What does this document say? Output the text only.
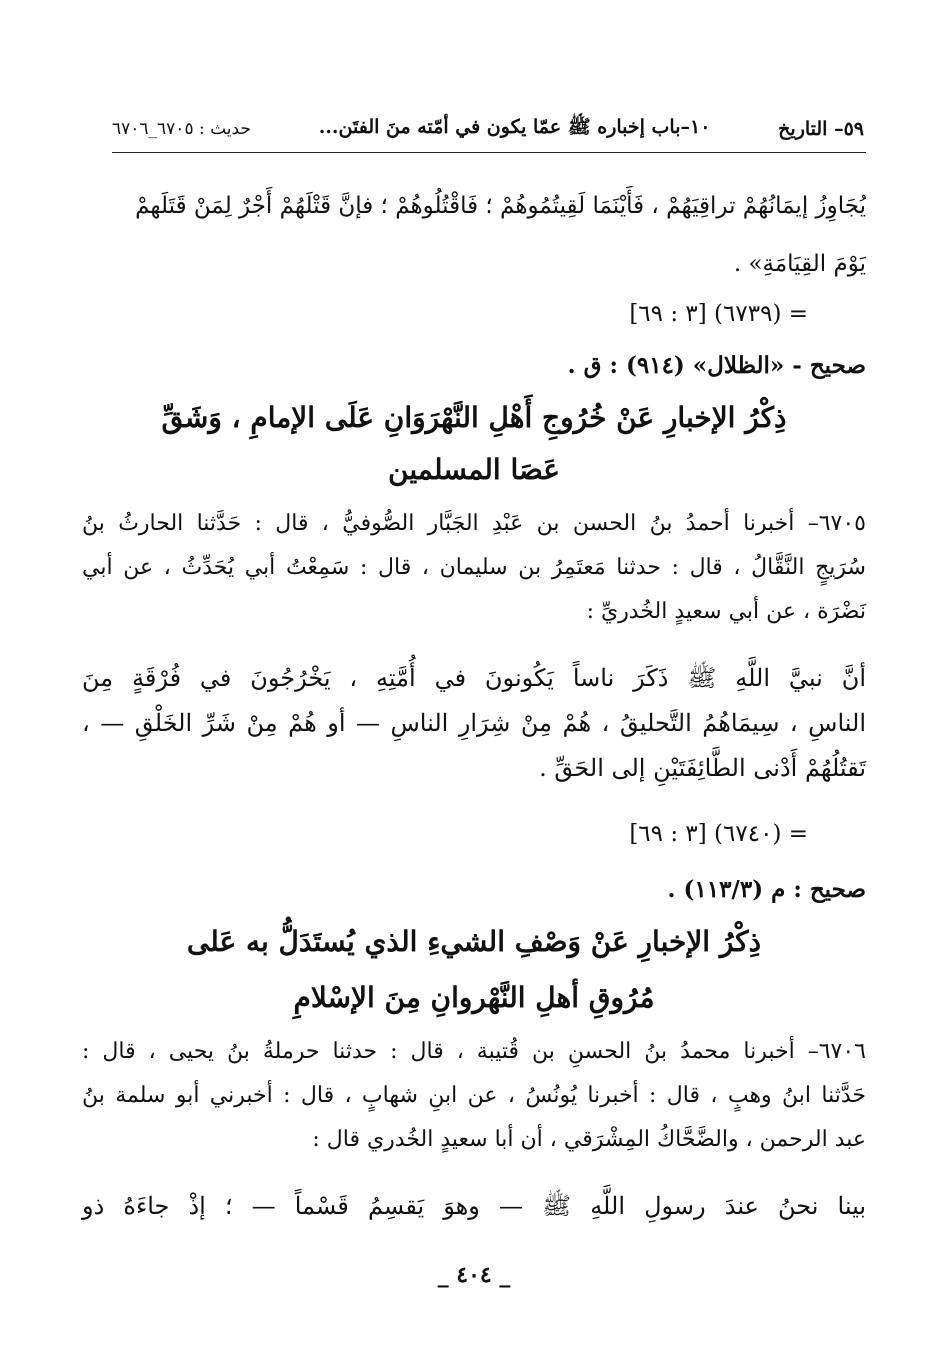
٥٩– التاريخ
١٠–باب إخباره ﷺ عمّا يكون في أمّته منَ الفتَن...
حديث : ٦٧٠٥_٦٧٠٦
يُجَاوِزُ إيمَانُهُمْ تراقِيَهُمْ ، فَأَيْنَمَا لَقِيتُمُوهُمْ ؛ فَاقْتُلُوهُمْ ؛ فإنَّ قَتْلَهُمْ أَجْرٌ لِمَنْ قَتَلَهمْ
يَوْمَ القِيَامَةِ» .
= (٦٧٣٩) [٣ : ٦٩]
صحيح - «الظلال» (٩١٤) : ق .
ذِكْرُ الإخبارِ عَنْ خُرُوجِ أَهْلِ النَّهْرَوَانِ عَلَى الإمامِ ، وَشَقِّ
عَصَا المسلمين

٦٧٠٥– أخبرنا أحمدُ بنُ الحسن بن عَبْدِ الجَبَّار الصُّوفيُّ ، قال : حَدَّثنا الحارثُ بنُ

سُرَيجٍ النَّقَّالُ ، قال : حدثنا مَعتَمِرُ بن سليمان ، قال : سَمِعْتُ أبي يُحَدِّثُ ، عن أبي

نَضْرَة ، عن أبي سعيدٍ الخُدريِّ :

أنَّ نبيَّ اللَّهِ ﷺ ذَكَرَ ناساً يَكُونونَ في أُمَّتِهِ ، يَخْرُجُونَ في فُرْقَةٍ مِنَ

الناسِ ، سِيمَاهُمُ التَّحليقُ ، هُمْ مِنْ شِرَارِ الناسِ — أو هُمْ مِنْ شَرِّ الخَلْقِ — ،

تَقتُلُهُمْ أَدْنى الطَّائِفَتَيْنِ إلى الحَقِّ .

= (٦٧٤٠) [٣ : ٦٩]
صحيح : م (١١٣/٣) .
ذِكْرُ الإخبارِ عَنْ وَصْفِ الشيءِ الذي يُستَدَلُّ به عَلى
مُرُوقِ أهلِ النَّهْروانِ مِنَ الإسْلامِ

٦٧٠٦– أخبرنا محمدُ بنُ الحسنِ بن قُتيبة ، قال : حدثنا حرملةُ بنُ يحيى ، قال :

حَدَّثنا ابنُ وهبٍ ، قال : أخبرنا يُونُسُ ، عن ابنِ شهابٍ ، قال : أخبرني أبو سلمة بنُ

عبد الرحمن ، والضَّحَّاكُ المِشْرَقي ، أن أبا سعيدٍ الخُدري قال :

بينا نحنُ عندَ رسولِ اللَّهِ ﷺ — وهوَ يَقسِمُ قَسْماً — ؛ إذْ جاءَهُ ذو

_ ٤٠٤ _
